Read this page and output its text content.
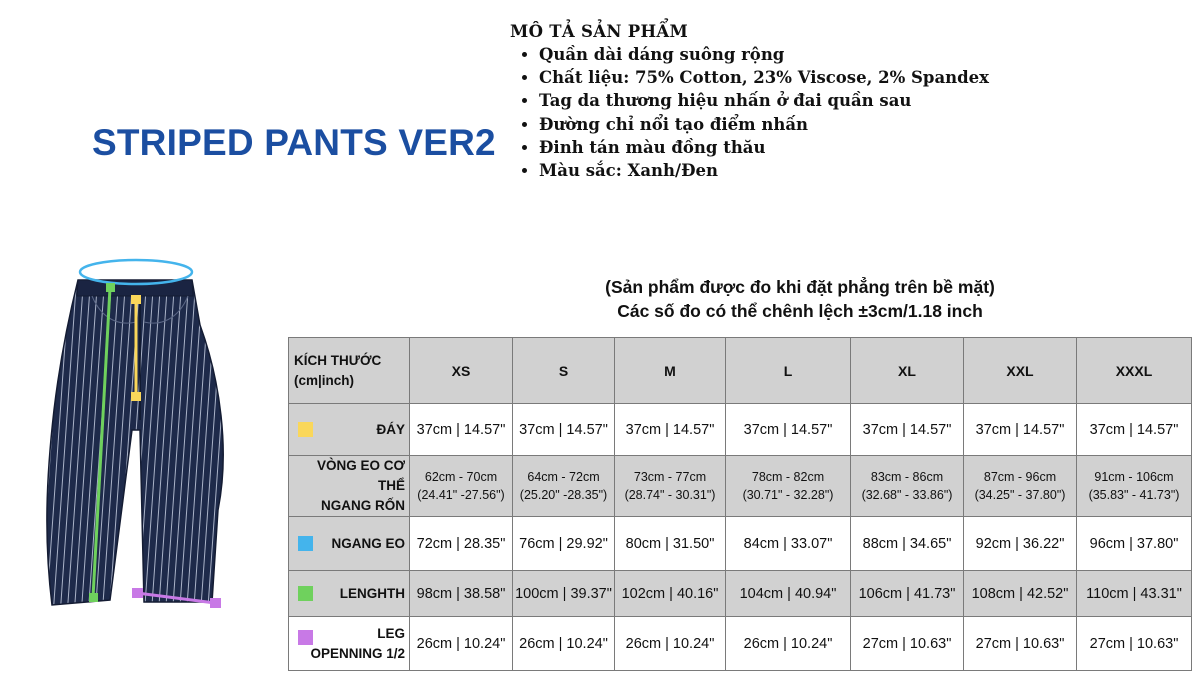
STRIPED PANTS VER2
MÔ TẢ SẢN PHẨM
• Quần dài dáng suông rộng
• Chất liệu: 75% Cotton, 23% Viscose, 2% Spandex
• Tag da thương hiệu nhấn ở đai quần sau
• Đường chỉ nổi tạo điểm nhấn
• Đinh tán màu đồng thău
• Màu sắc: Xanh/Đen
(Sản phẩm được đo khi đặt phẳng trên bề mặt)
Các số đo có thể chênh lệch ±3cm/1.18 inch
KÍCH THƯỚC
(cm|inch)	XS	S	M	L	XL	XXL	XXXL

ĐÁY	37cm | 14.57"	37cm | 14.57"	37cm | 14.57"	37cm | 14.57"	37cm | 14.57"	37cm | 14.57"	37cm | 14.57"
VÒNG EO CƠ THỂ
NGANG RỐN	62cm - 70cm
(24.41" -27.56")	64cm - 72cm
(25.20" -28.35")	73cm - 77cm
(28.74" - 30.31")	78cm - 82cm
(30.71" - 32.28")	83cm - 86cm
(32.68" - 33.86")	87cm - 96cm
(34.25" - 37.80")	91cm - 106cm
(35.83" - 41.73")

NGANG EO	72cm | 28.35"	76cm | 29.92"	80cm | 31.50"	84cm | 33.07"	88cm | 34.65"	92cm | 36.22"	96cm | 37.80"

LENGHTH	98cm | 38.58"	100cm | 39.37"	102cm | 40.16"	104cm | 40.94"	106cm | 41.73"	108cm | 42.52"	110cm | 43.31"

LEG
OPENNING 1/2	26cm | 10.24"	26cm | 10.24"	26cm | 10.24"	26cm | 10.24"	27cm | 10.63"	27cm | 10.63"	27cm | 10.63"
